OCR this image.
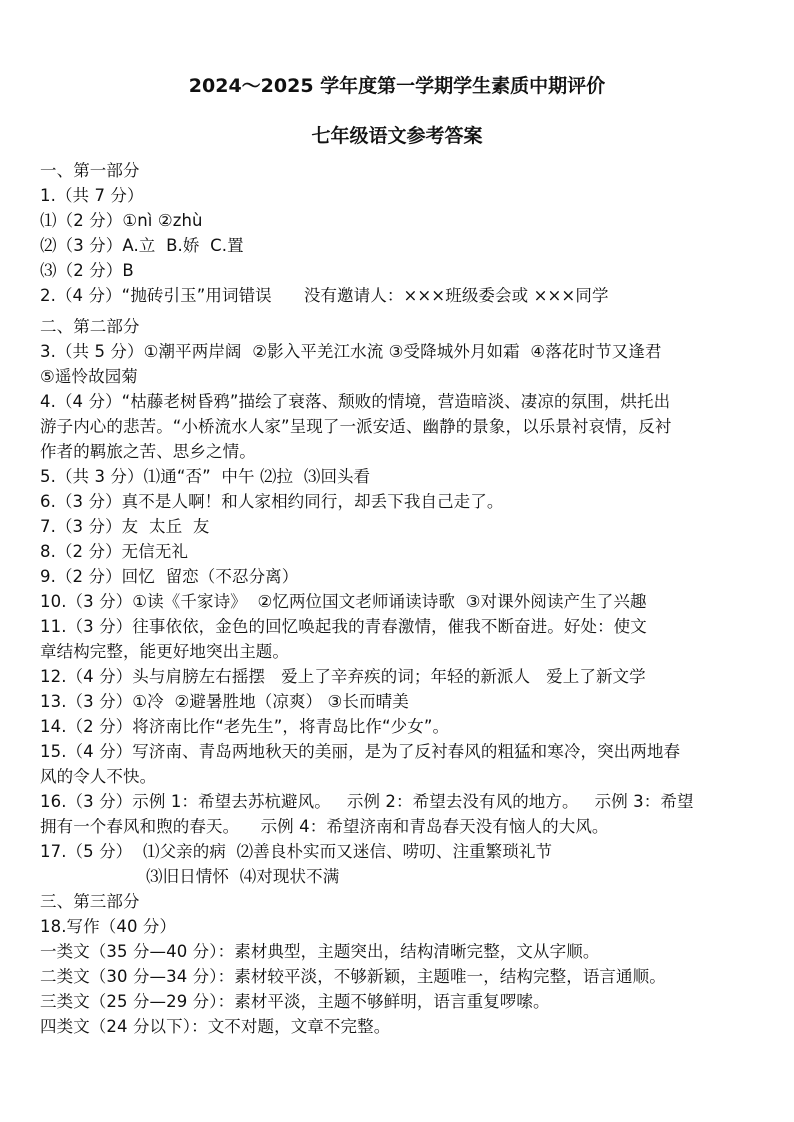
2024～2025 学年度第一学期学生素质中期评价
七年级语文参考答案
一、第一部分
1.（共 7 分）
⑴（2 分）①nì ②zhù
⑵（3 分）A.立  B.娇  C.置
⑶（2 分）B
2.（4 分）“抛砖引玉”用词错误      没有邀请人：×××班级委会或 ×××同学
二、第二部分
3.（共 5 分）①潮平两岸阔  ②影入平羌江水流 ③受降城外月如霜  ④落花时节又逢君
⑤遥怜故园菊
4.（4 分）“枯藤老树昏鸦”描绘了衰落、颓败的情境，营造暗淡、凄凉的氛围，烘托出
游子内心的悲苦。“小桥流水人家”呈现了一派安适、幽静的景象，以乐景衬哀情，反衬
作者的羁旅之苦、思乡之情。
5.（共 3 分）⑴通“否”  中午 ⑵拉  ⑶回头看
6.（3 分）真不是人啊！和人家相约同行，却丢下我自己走了。
7.（3 分）友  太丘  友
8.（2 分）无信无礼
9.（2 分）回忆  留恋（不忍分离）
10.（3 分）①读《千家诗》  ②忆两位国文老师诵读诗歌  ③对课外阅读产生了兴趣
11.（3 分）往事依依，金色的回忆唤起我的青春激情，催我不断奋进。好处：使文
章结构完整，能更好地突出主题。
12.（4 分）头与肩膀左右摇摆   爱上了辛弃疾的词；年轻的新派人   爱上了新文学
13.（3 分）①冷  ②避暑胜地（凉爽） ③长而晴美
14.（2 分）将济南比作“老先生”，将青岛比作“少女”。
15.（4 分）写济南、青岛两地秋天的美丽，是为了反衬春风的粗猛和寒冷，突出两地春
风的令人不快。
16.（3 分）示例 1：希望去苏杭避风。   示例 2：希望去没有风的地方。   示例 3：希望
拥有一个春风和煦的春天。    示例 4：希望济南和青岛春天没有恼人的大风。
17.（5 分）  ⑴父亲的病  ⑵善良朴实而又迷信、唠叨、注重繁琐礼节
⑶旧日情怀  ⑷对现状不满
三、第三部分
18.写作（40 分）
一类文（35 分—40 分）：素材典型，主题突出，结构清晰完整，文从字顺。
二类文（30 分—34 分）：素材较平淡，不够新颖，主题唯一，结构完整，语言通顺。
三类文（25 分—29 分）：素材平淡，主题不够鲜明，语言重复啰嗦。
四类文（24 分以下）：文不对题，文章不完整。
